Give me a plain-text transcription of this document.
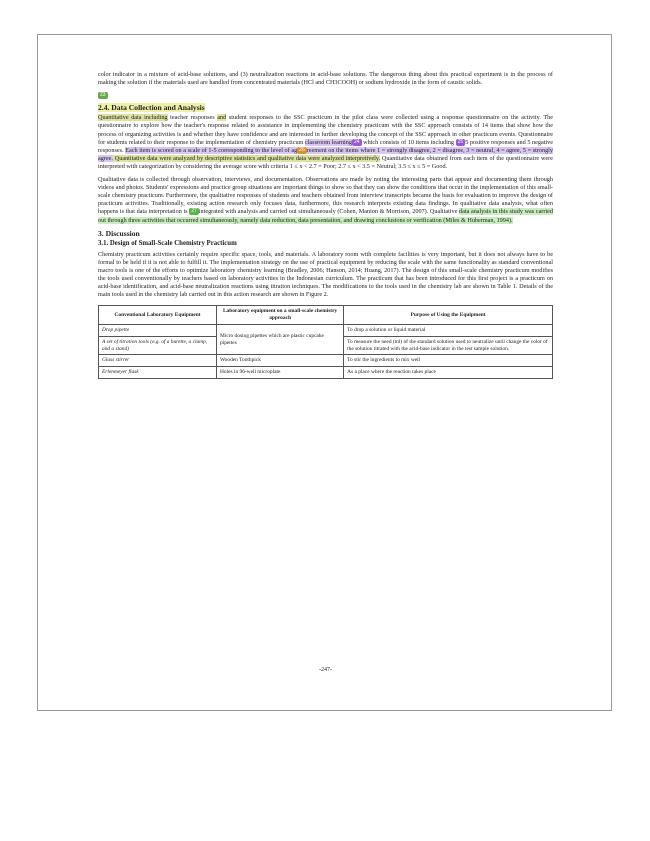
color indicator in a mixture of acid-base solutions, and (3) neutralization reactions in acid-base solutions. The dangerous thing about this practical experiment is in the process of making the solution if the materials used are handled from concentrated materials (HCl and CH3COOH) or sodium hydroxide in the form of caustic solids.

23
2.4. Data Collection and Analysis

Quantitative data including teacher responses and student responses to the SSC practicum in the pilot class were collected using a response questionnaire on the activity. The questionnaire to explore how the teacher's response related to assistance in implementing the chemistry practicum with the SSC approach consists of 14 items that show how the process of organizing activities is and whether they have confidence and are interested in further developing the concept of the SSC approach in other practicum events. Questionnaire for students related to their response to the implementation of chemistry practicum classroom learning 24 which consists of 10 items including 25 5 positive responses and 5 negative responses. Each item is scored on a scale of 1-5 corresponding to the level of ag 26 reement on the items where 1 = strongly disagree, 2 = disagree, 3 = neutral, 4 = agree, 5 = strongly agree. Quantitative data were analyzed by descriptive statistics and qualitative data were analyzed interpretively. Quantitative data obtained from each item of the questionnaire were interpreted with categorization by considering the average score with criteria 1 ≤ x < 2.7 = Poor; 2.7 ≤ x < 3.5 = Neutral; 3.5 ≤ x ≤ 5 = Good.

Qualitative data is collected through observation, interviews, and documentation. Observations are made by noting the interesting parts that appear and documenting them through videos and photos. Students' expressions and practice group situations are important things to show so that they can show the conditions that occur in the implementation of this small-scale chemistry practicum. Furthermore, the qualitative responses of students and teachers obtained from interview transcripts became the basis for evaluation to improve the design of practicum activities. Traditionally, existing action research only focuses data, furthermore, this research interprets existing data findings. In qualitative data analysis, what often happens is that data interpretation is 27 integrated with analysis and carried out simultaneously (Cohen, Manion & Morrison, 2007). Qualitative data analysis in this study was carried out through three activities that occurred simultaneously, namely data reduction, data presentation, and drawing conclusions or verification (Miles & Huberman, 1994).

3. Discussion
3.1. Design of Small-Scale Chemistry Practicum

Chemistry practicum activities certainly require specific space, tools, and materials. A laboratory room with complete facilities is very important, but it does not always have to be formal to be held if it is not able to fulfill it. The implementation strategy on the use of practical equipment by reducing the scale with the same functionality as standard conventional macro tools is one of the efforts to optimize laboratory chemistry learning (Bradley, 2006; Hanson, 2014; Huang, 2017). The design of this small-scale chemistry practicum modifies the tools used conventionally by teachers based on laboratory activities in the Indonesian curriculum. The practicum that has been introduced for this first project is a practicum on acid-base identification, and acid-base neutralization reactions using titration techniques. The modifications to the tools used in the chemistry lab are shown in Table 1. Details of the main tools used in the chemistry lab carried out in this action research are shown in Figure 2.

Conventional Laboratory Equipment	Laboratory equipment on a small-scale chemistry approach	Purpose of Using the Equipment
Drop pipette	Micro dosing pipettes which are plastic cupcake pipettes	To drop a solution or liquid material
A set of titration tools (e.g. of a burette, a clamp, and a stand)		To measure the need (ml) of the standard solution used to neutralize until change the color of the solution titrated with the acid-base indicator in the test sample solution.
Glass stirrer	Wooden Toothpick	To stir the ingredients to mix well
Erlenmeyer flask	Holes in 96-well microplate	As a place where the reaction takes place
-247-
